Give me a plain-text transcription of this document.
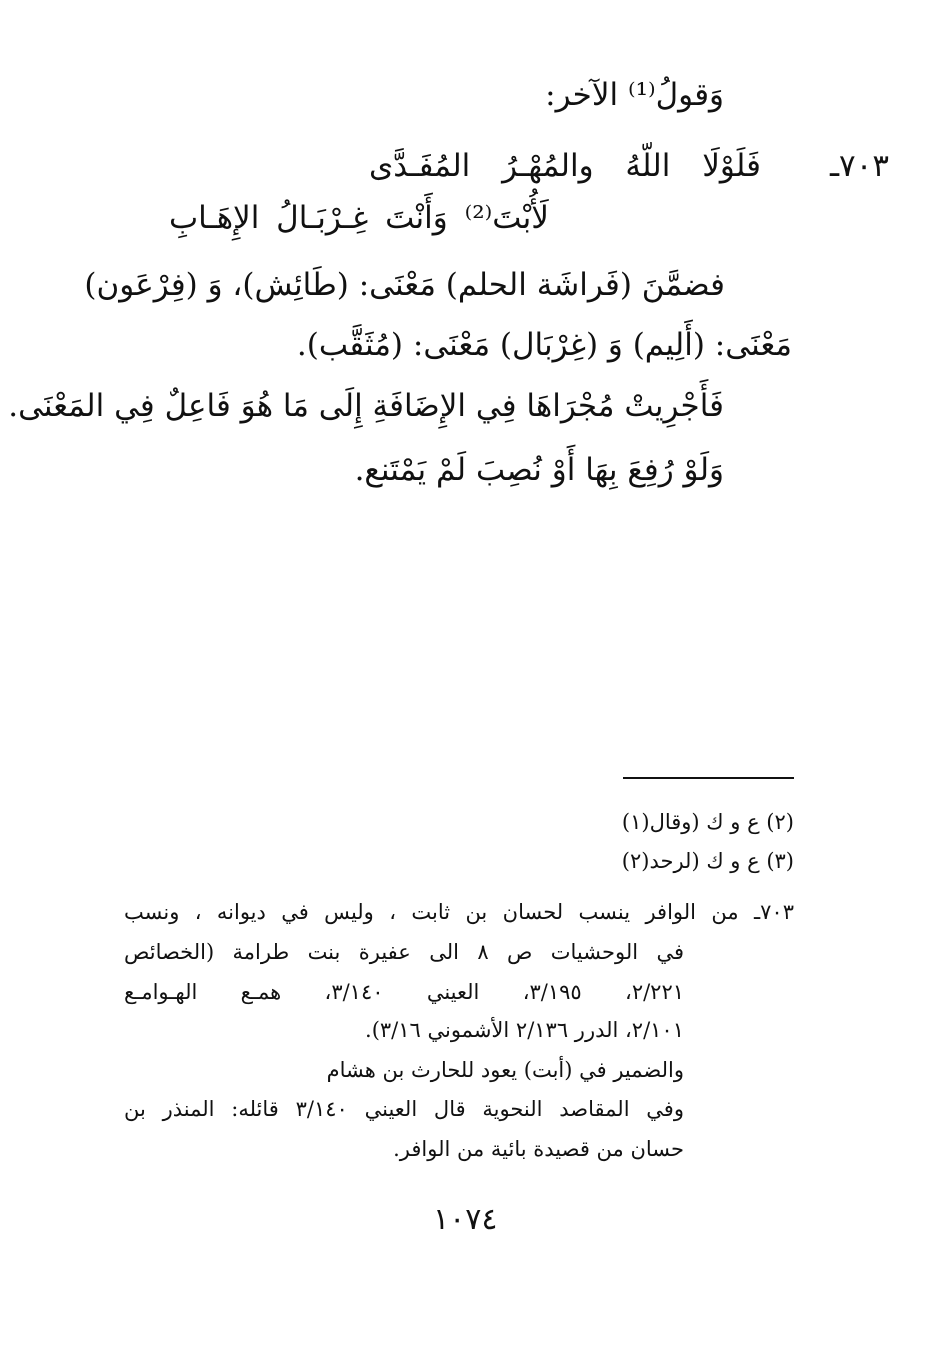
وَقولُ⁽¹⁾ الآخر:
٧٠٣ـ
فَلَوْلَا اللّهُ والمُهْـرُ المُفَـدَّى
لَأُبْتَ⁽²⁾ وَأَنْتَ غِـرْبَـالُ الإِهَـابِ
فضمَّنَ (فَراشَة الحلم) مَعْنَى: (طَائِش)، وَ (فِرْعَون)
مَعْنَى: (أَلِيم) وَ (غِرْبَال) مَعْنَى: (مُثَقَّب).
فَأَجْرِيتْ مُجْرَاهَا فِي الإِضَافَةِ إِلَى مَا هُوَ فَاعِلٌ فِي المَعْنَى.
وَلَوْ رُفِعَ بِهَا أَوْ نُصِبَ لَمْ يَمْتَنع.
(٢) ع و ك (وقال(١)
(٣) ع و ك (لرحد(٢)
٧٠٣ـ من الوافر ينسب لحسان بن ثابت ، وليس في ديوانه ، ونسب
في الوحشيات ص ٨ الى عفيرة بنت طرامة (الخصائص
٢/٢٢١، ٣/١٩٥، العيني ٣/١٤٠، همـع الهـوامـع
٢/١٠١، الدرر ٢/١٣٦ الأشموني ٣/١٦).
والضمير في (أبت) يعود للحارث بن هشام
وفي المقاصد النحوية قال العيني ٣/١٤٠ قائله: المنذر بن
حسان من قصيدة بائية من الوافر.
١٠٧٤
